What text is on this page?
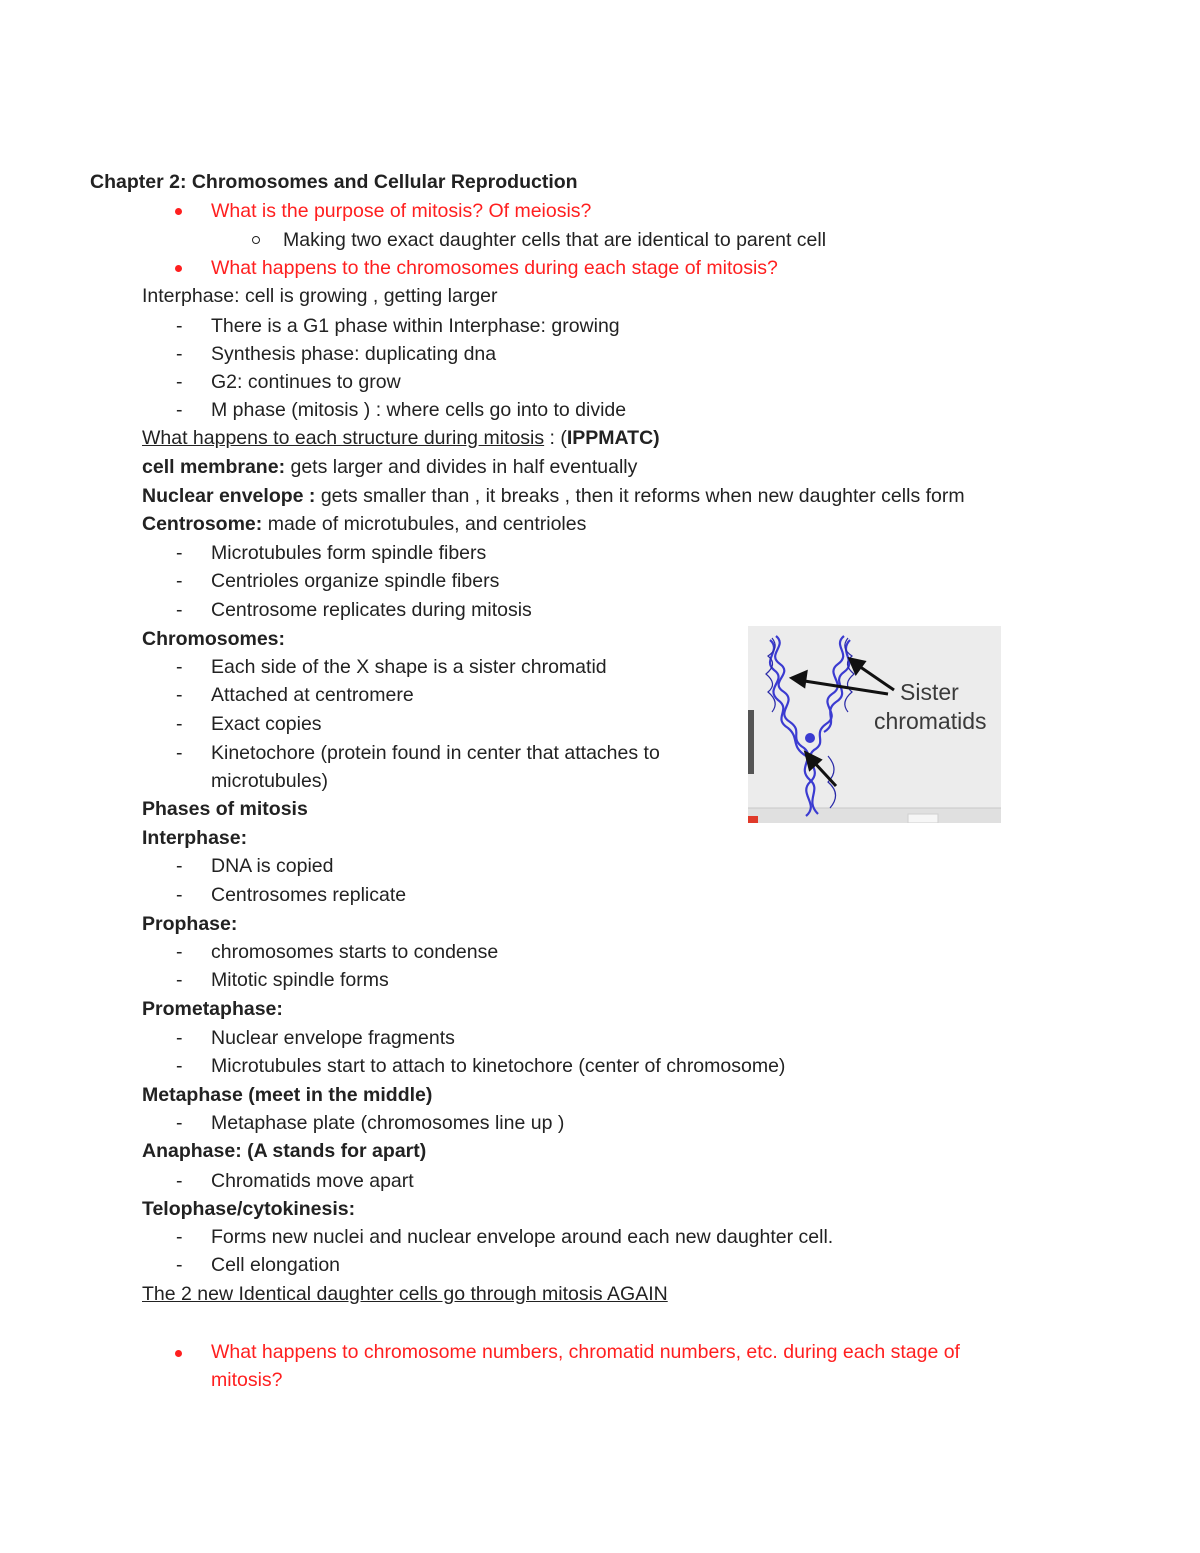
Chapter 2: Chromosomes and Cellular Reproduction
What is the purpose of mitosis? Of meiosis?
Making two exact daughter cells that are identical to parent cell
What happens to the chromosomes during each stage of mitosis?
Interphase: cell is growing , getting larger
- There is a G1 phase within Interphase: growing
- Synthesis phase: duplicating dna
- G2: continues to grow
- M phase (mitosis ) : where cells go into to divide
What happens to each structure during mitosis : (IPPMATC)
cell membrane: gets larger and divides in half eventually
Nuclear envelope : gets smaller than , it breaks , then it reforms when new daughter cells form
Centrosome: made of microtubules, and centrioles
- Microtubules form spindle fibers
- Centrioles organize spindle fibers
- Centrosome replicates during mitosis
Chromosomes:
- Each side of the X shape is a sister chromatid
- Attached at centromere
- Exact copies
- Kinetochore (protein found in center that attaches to
microtubules)
Phases of mitosis
Interphase:
- DNA is copied
- Centrosomes replicate
Prophase:
- chromosomes starts to condense
- Mitotic spindle forms
Prometaphase:
- Nuclear envelope fragments
- Microtubules start to attach to kinetochore (center of chromosome)
Metaphase (meet in the middle)
- Metaphase plate (chromosomes line up )
Anaphase: (A stands for apart)
- Chromatids move apart
Telophase/cytokinesis:
- Forms new nuclei and nuclear envelope around each new daughter cell.
- Cell elongation
The 2 new Identical daughter cells go through mitosis AGAIN
What happens to chromosome numbers, chromatid numbers, etc. during each stage of
mitosis?
Sister
chromatids
